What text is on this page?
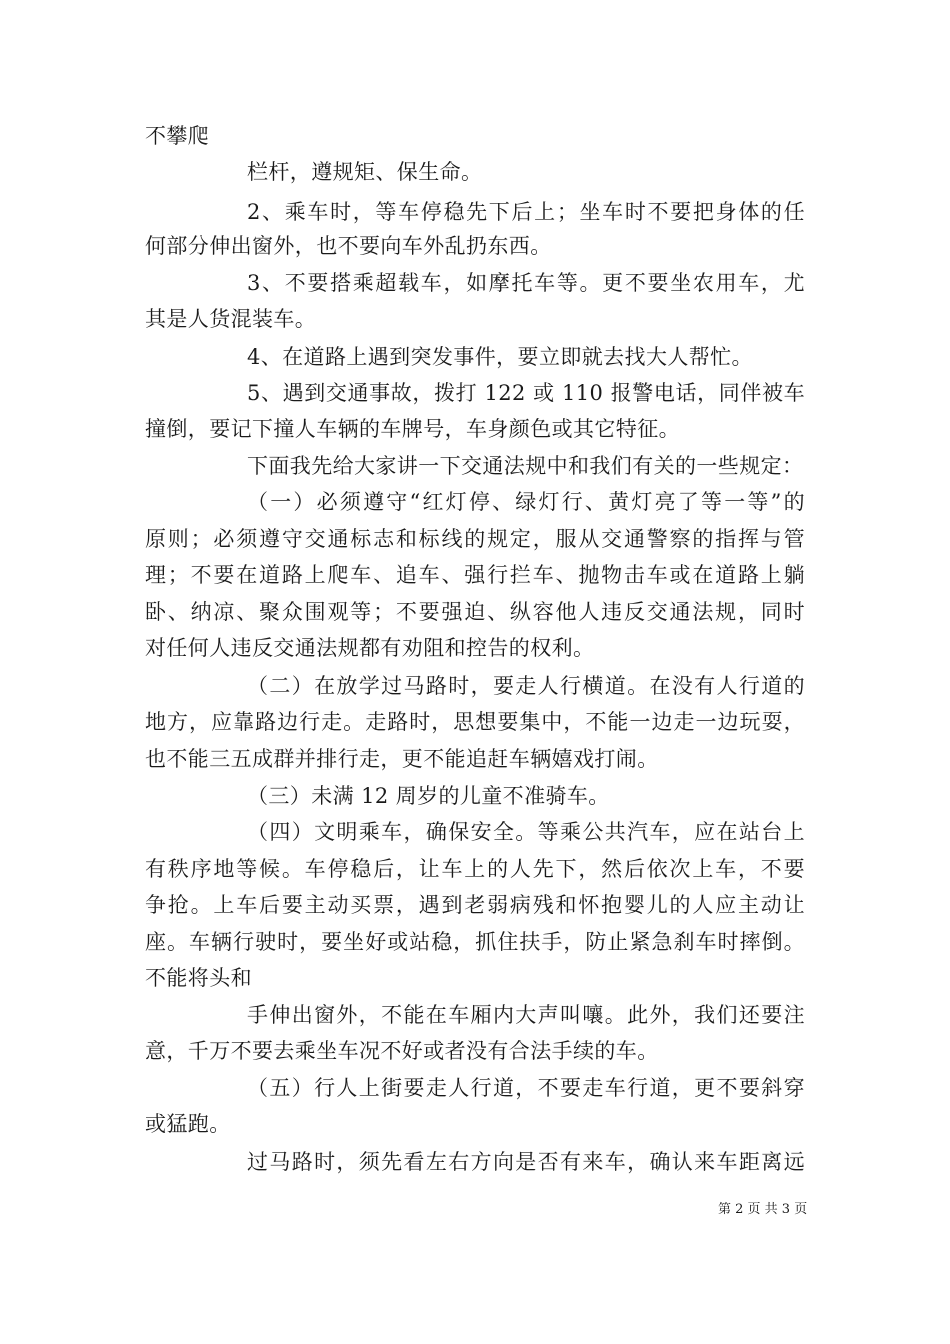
不攀爬
栏杆，遵规矩、保生命。
2、乘车时，等车停稳先下后上；坐车时不要把身体的任
何部分伸出窗外，也不要向车外乱扔东西。
3、不要搭乘超载车，如摩托车等。更不要坐农用车，尤
其是人货混装车。
4、在道路上遇到突发事件，要立即就去找大人帮忙。
5、遇到交通事故，拨打 122 或 110 报警电话，同伴被车
撞倒，要记下撞人车辆的车牌号，车身颜色或其它特征。
下面我先给大家讲一下交通法规中和我们有关的一些规定：
（一）必须遵守“红灯停、绿灯行、黄灯亮了等一等”的
原则；必须遵守交通标志和标线的规定，服从交通警察的指挥与管
理；不要在道路上爬车、追车、强行拦车、抛物击车或在道路上躺
卧、纳凉、聚众围观等；不要强迫、纵容他人违反交通法规，同时
对任何人违反交通法规都有劝阻和控告的权利。
（二）在放学过马路时，要走人行横道。在没有人行道的
地方，应靠路边行走。走路时，思想要集中，不能一边走一边玩耍，
也不能三五成群并排行走，更不能追赶车辆嬉戏打闹。
（三）未满 12 周岁的儿童不准骑车。
（四）文明乘车，确保安全。等乘公共汽车，应在站台上
有秩序地等候。车停稳后，让车上的人先下，然后依次上车，不要
争抢。上车后要主动买票，遇到老弱病残和怀抱婴儿的人应主动让
座。车辆行驶时，要坐好或站稳，抓住扶手，防止紧急刹车时摔倒。
不能将头和
手伸出窗外，不能在车厢内大声叫嚷。此外，我们还要注
意，千万不要去乘坐车况不好或者没有合法手续的车。
（五）行人上街要走人行道，不要走车行道，更不要斜穿
或猛跑。
过马路时，须先看左右方向是否有来车，确认来车距离远
第 2 页 共 3 页
